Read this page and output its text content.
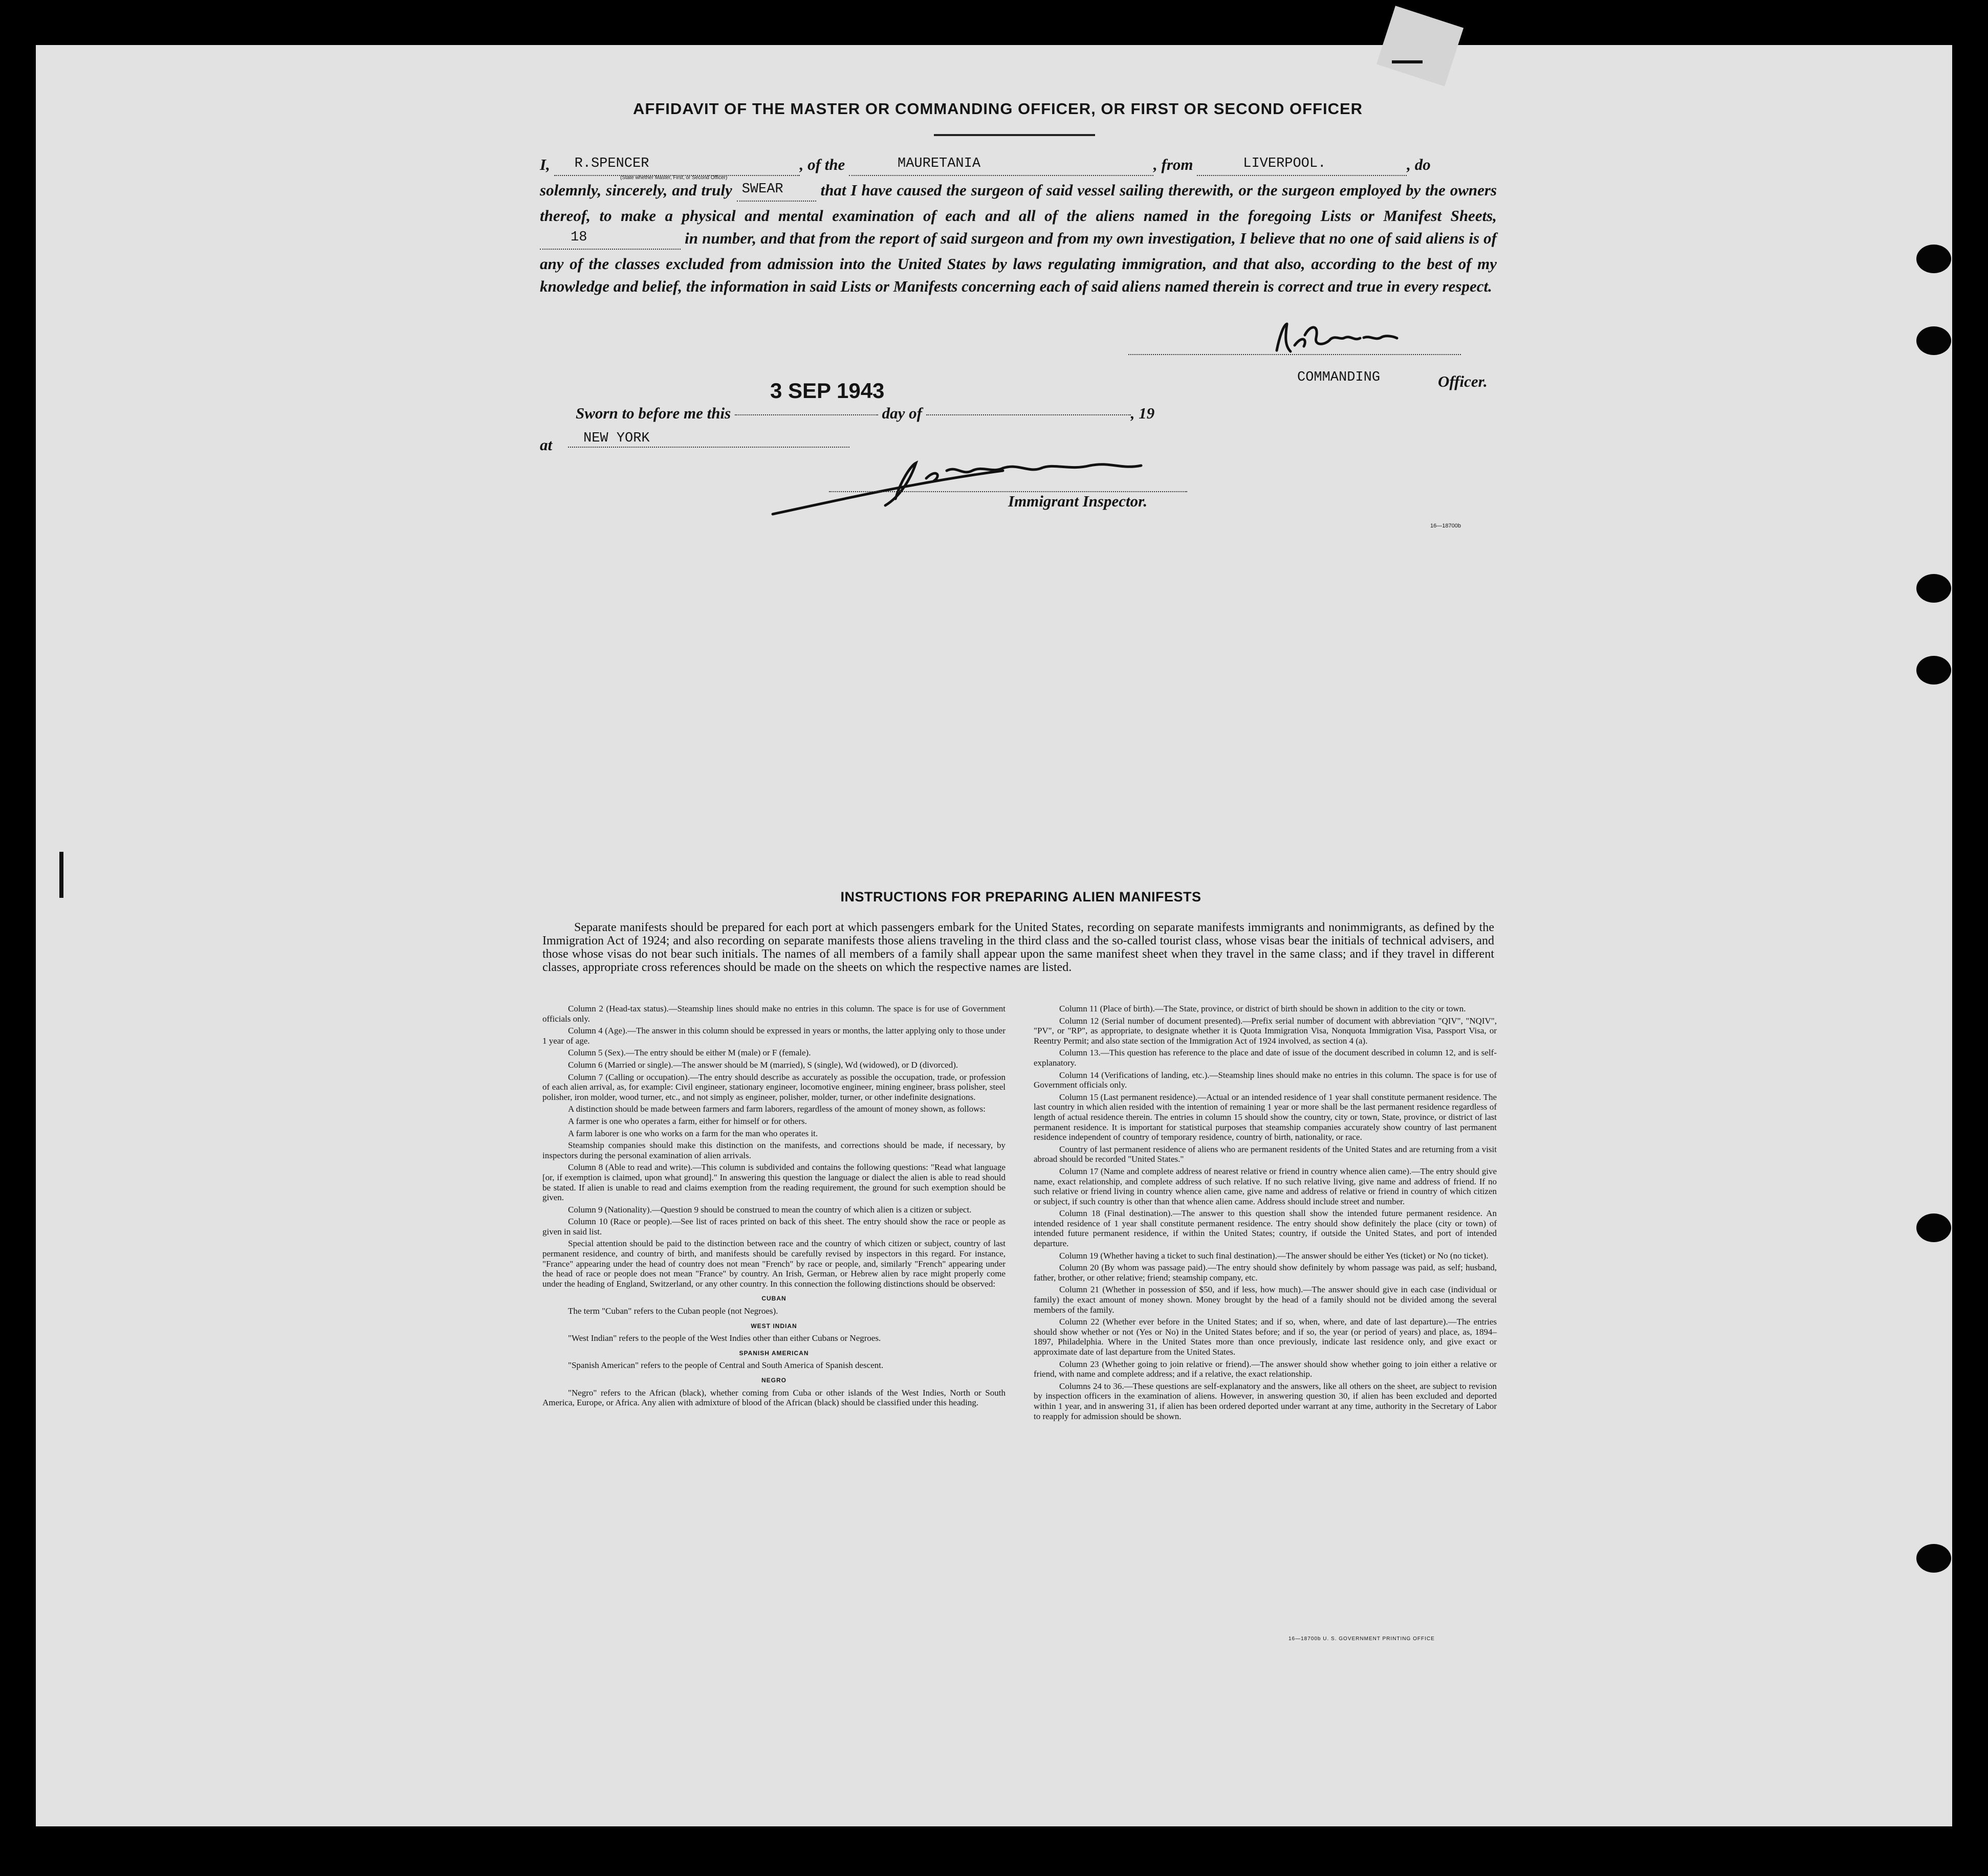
AFFIDAVIT OF THE MASTER OR COMMANDING OFFICER, OR FIRST OR SECOND OFFICER
I, R.SPENCER	, of the	MAURETANIA	, from	LIVERPOOL.	, do
solemnly, sincerely, and truly SWEAR that I have caused the surgeon of said vessel sailing therewith, or the surgeon employed by the owners thereof, to make a physical and mental examination of each and all of the aliens named in the foregoing Lists or Manifest Sheets, 18	in number, and that from the report of said surgeon and from my own investigation, I believe that no one of said aliens is of any of the classes excluded from admission into the United States by laws regulating immigration, and that also, according to the best of my knowledge and belief, the information in said Lists or Manifests concerning each of said aliens named therein is correct and true in every respect.
(State whether Master, First, or Second Officer)
COMMANDING	Officer.
3 SEP 1943
Sworn to before me this	day of	, 19
at NEW YORK
Immigrant Inspector.
16—18700b
INSTRUCTIONS FOR PREPARING ALIEN MANIFESTS

Separate manifests should be prepared for each port at which passengers embark for the United States, recording on separate manifests immigrants and nonimmigrants, as defined by the Immigration Act of 1924; and also recording on separate manifests those aliens traveling in the third class and the so-called tourist class, whose visas bear the initials of technical advisers, and those whose visas do not bear such initials. The names of all members of a family shall appear upon the same manifest sheet when they travel in the same class; and if they travel in different classes, appropriate cross references should be made on the sheets on which the respective names are listed.

Column 2 (Head-tax status).—Steamship lines should make no entries in this column. The space is for use of Government officials only.

Column 4 (Age).—The answer in this column should be expressed in years or months, the latter applying only to those under 1 year of age.

Column 5 (Sex).—The entry should be either M (male) or F (female).

Column 6 (Married or single).—The answer should be M (married), S (single), Wd (widowed), or D (divorced).

Column 7 (Calling or occupation).—The entry should describe as accurately as possible the occupation, trade, or profession of each alien arrival, as, for example: Civil engineer, stationary engineer, locomotive engineer, mining engineer, brass polisher, steel polisher, iron molder, wood turner, etc., and not simply as engineer, polisher, molder, turner, or other indefinite designations.

A distinction should be made between farmers and farm laborers, regardless of the amount of money shown, as follows:

A farmer is one who operates a farm, either for himself or for others.

A farm laborer is one who works on a farm for the man who operates it.

Steamship companies should make this distinction on the manifests, and corrections should be made, if necessary, by inspectors during the personal examination of alien arrivals.

Column 8 (Able to read and write).—This column is subdivided and contains the following questions: "Read what language [or, if exemption is claimed, upon what ground]." In answering this question the language or dialect the alien is able to read should be stated. If alien is unable to read and claims exemption from the reading requirement, the ground for such exemption should be given.

Column 9 (Nationality).—Question 9 should be construed to mean the country of which alien is a citizen or subject.

Column 10 (Race or people).—See list of races printed on back of this sheet. The entry should show the race or people as given in said list.

Special attention should be paid to the distinction between race and the country of which citizen or subject, country of last permanent residence, and country of birth, and manifests should be carefully revised by inspectors in this regard. For instance, "France" appearing under the head of country does not mean "French" by race or people, and, similarly "French" appearing under the head of race or people does not mean "France" by country. An Irish, German, or Hebrew alien by race might properly come under the heading of England, Switzerland, or any other country. In this connection the following distinctions should be observed:

CUBAN

The term "Cuban" refers to the Cuban people (not Negroes).

WEST INDIAN

"West Indian" refers to the people of the West Indies other than either Cubans or Negroes.

SPANISH AMERICAN

"Spanish American" refers to the people of Central and South America of Spanish descent.

NEGRO

"Negro" refers to the African (black), whether coming from Cuba or other islands of the West Indies, North or South America, Europe, or Africa. Any alien with admixture of blood of the African (black) should be classified under this heading.

Column 11 (Place of birth).—The State, province, or district of birth should be shown in addition to the city or town.

Column 12 (Serial number of document presented).—Prefix serial number of document with abbreviation "QIV", "NQIV", "PV", or "RP", as appropriate, to designate whether it is Quota Immigration Visa, Nonquota Immigration Visa, Passport Visa, or Reentry Permit; and also state section of the Immigration Act of 1924 involved, as section 4 (a).

Column 13.—This question has reference to the place and date of issue of the document described in column 12, and is self-explanatory.

Column 14 (Verifications of landing, etc.).—Steamship lines should make no entries in this column. The space is for use of Government officials only.

Column 15 (Last permanent residence).—Actual or an intended residence of 1 year shall constitute permanent residence. The last country in which alien resided with the intention of remaining 1 year or more shall be the last permanent residence regardless of length of actual residence therein. The entries in column 15 should show the country, city or town, State, province, or district of last permanent residence. It is important for statistical purposes that steamship companies accurately show country of last permanent residence independent of country of temporary residence, country of birth, nationality, or race.

Country of last permanent residence of aliens who are permanent residents of the United States and are returning from a visit abroad should be recorded "United States."

Column 17 (Name and complete address of nearest relative or friend in country whence alien came).—The entry should give name, exact relationship, and complete address of such relative. If no such relative living, give name and address of friend. If no such relative or friend living in country whence alien came, give name and address of relative or friend in country of which citizen or subject, if such country is other than that whence alien came. Address should include street and number.

Column 18 (Final destination).—The answer to this question shall show the intended future permanent residence. An intended residence of 1 year shall constitute permanent residence. The entry should show definitely the place (city or town) of intended future permanent residence, if within the United States; country, if outside the United States, and port of intended departure.

Column 19 (Whether having a ticket to such final destination).—The answer should be either Yes (ticket) or No (no ticket).

Column 20 (By whom was passage paid).—The entry should show definitely by whom passage was paid, as self; husband, father, brother, or other relative; friend; steamship company, etc.

Column 21 (Whether in possession of $50, and if less, how much).—The answer should give in each case (individual or family) the exact amount of money shown. Money brought by the head of a family should not be divided among the several members of the family.

Column 22 (Whether ever before in the United States; and if so, when, where, and date of last departure).—The entries should show whether or not (Yes or No) in the United States before; and if so, the year (or period of years) and place, as, 1894–1897, Philadelphia. Where in the United States more than once previously, indicate last residence only, and give exact or approximate date of last departure from the United States.

Column 23 (Whether going to join relative or friend).—The answer should show whether going to join either a relative or friend, with name and complete address; and if a relative, the exact relationship.

Columns 24 to 36.—These questions are self-explanatory and the answers, like all others on the sheet, are subject to revision by inspection officers in the examination of aliens. However, in answering question 30, if alien has been excluded and deported within 1 year, and in answering 31, if alien has been ordered deported under warrant at any time, authority in the Secretary of Labor to reapply for admission should be shown.

16—18700b U. S. GOVERNMENT PRINTING OFFICE
